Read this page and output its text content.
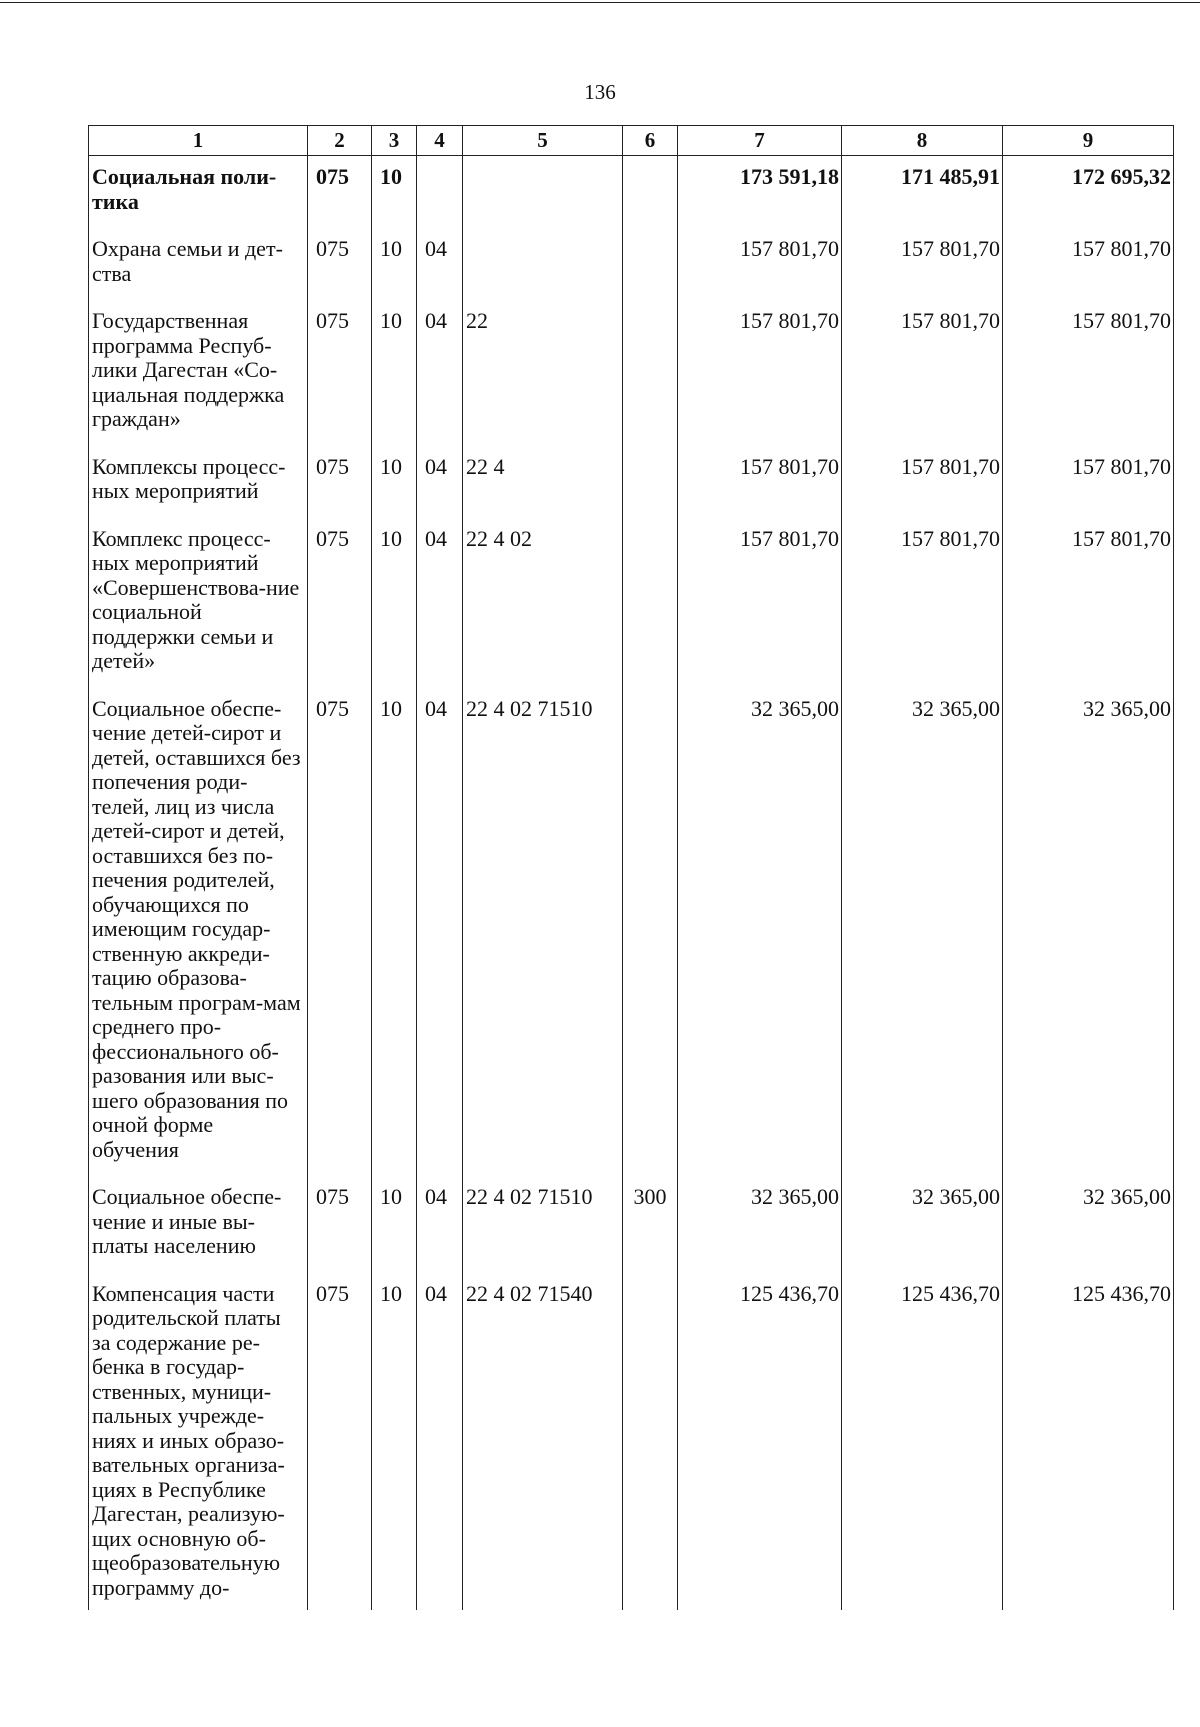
136
1	2	3	4	5	6	7	8	9
Социальная поли-тика	075	10				173 591,18	171 485,91	172 695,32
Охрана семьи и дет-ства	075	10	04			157 801,70	157 801,70	157 801,70
Государственная программа Респуб-лики Дагестан «Со-циальная поддержка граждан»	075	10	04	22		157 801,70	157 801,70	157 801,70
Комплексы процесс-ных мероприятий	075	10	04	22 4		157 801,70	157 801,70	157 801,70
Комплекс процесс-ных мероприятий «Совершенствова-ние социальной поддержки семьи и детей»	075	10	04	22 4 02		157 801,70	157 801,70	157 801,70
Социальное обеспе-чение детей-сирот и детей, оставшихся без попечения роди-телей, лиц из числа детей-сирот и детей, оставшихся без по-печения родителей, обучающихся по имеющим государ-ственную аккреди-тацию образова-тельным програм-мам среднего про-фессионального об-разования или выс-шего образования по очной форме обучения	075	10	04	22 4 02 71510		32 365,00	32 365,00	32 365,00
Социальное обеспе-чение и иные вы-платы населению	075	10	04	22 4 02 71510	300	32 365,00	32 365,00	32 365,00
Компенсация части родительской платы за содержание ре-бенка в государ-ственных, муници-пальных учрежде-ниях и иных образо-вательных организа-циях в Республике Дагестан, реализую-щих основную об-щеобразовательную программу до-	075	10	04	22 4 02 71540		125 436,70	125 436,70	125 436,70
